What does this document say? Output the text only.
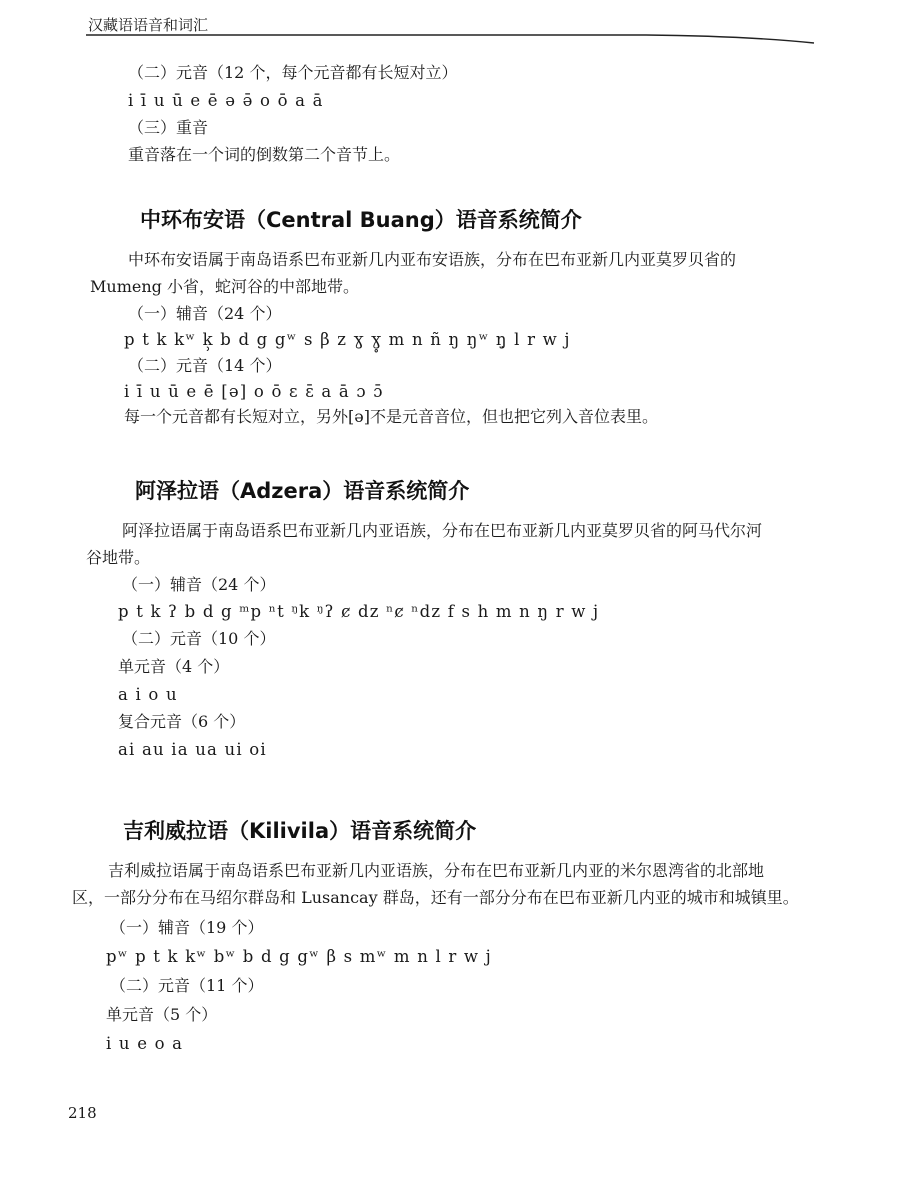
汉藏语语音和词汇
（二）元音（12 个，每个元音都有长短对立）
i ī u ū e ē ə ə̄ o ō a ā
（三）重音
重音落在一个词的倒数第二个音节上。
中环布安语（Central Buang）语音系统简介
中环布安语属于南岛语系巴布亚新几内亚布安语族，分布在巴布亚新几内亚莫罗贝省的
Mumeng 小省，蛇河谷的中部地带。
（一）辅音（24 个）
p t k kʷ k̹ b d g gʷ s β z ɣ ɣ̥ m n ñ ŋ ŋʷ ŋ̣ l r w j
（二）元音（14 个）
i ī u ū e ē [ə] o ō ɛ ɛ̄ a ā ɔ ɔ̄
每一个元音都有长短对立，另外[ə]不是元音音位，但也把它列入音位表里。
阿泽拉语（Adzera）语音系统简介
阿泽拉语属于南岛语系巴布亚新几内亚语族，分布在巴布亚新几内亚莫罗贝省的阿马代尔河
谷地带。
（一）辅音（24 个）
p t k ʔ b d g ᵐp ⁿt ᵑk ᵑʔ ȼ dz ⁿȼ ⁿdz f s h m n ŋ r w j
（二）元音（10 个）
单元音（4 个）
a i o u
复合元音（6 个）
ai au ia ua ui oi
吉利威拉语（Kilivila）语音系统简介
吉利威拉语属于南岛语系巴布亚新几内亚语族，分布在巴布亚新几内亚的米尔恩湾省的北部地
区，一部分分布在马绍尔群岛和 Lusancay 群岛，还有一部分分布在巴布亚新几内亚的城市和城镇里。
（一）辅音（19 个）
pʷ p t k kʷ bʷ b d g gʷ β s mʷ m n l r w j
（二）元音（11 个）
单元音（5 个）
i u e o a
218
